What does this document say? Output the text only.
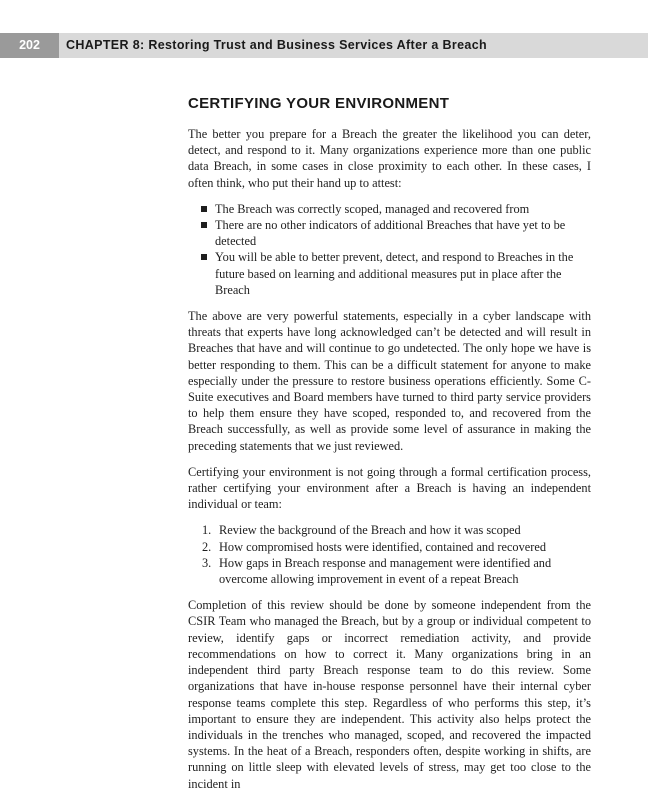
202	CHAPTER 8: Restoring Trust and Business Services After a Breach
CERTIFYING YOUR ENVIRONMENT

The better you prepare for a Breach the greater the likelihood you can deter, detect, and respond to it. Many organizations experience more than one public data Breach, in some cases in close proximity to each other. In these cases, I often think, who put their hand up to attest:

The Breach was correctly scoped, managed and recovered from
There are no other indicators of additional Breaches that have yet to be detected
You will be able to better prevent, detect, and respond to Breaches in the future based on learning and additional measures put in place after the Breach

The above are very powerful statements, especially in a cyber landscape with threats that experts have long acknowledged can’t be detected and will result in Breaches that have and will continue to go undetected. The only hope we have is better responding to them. This can be a difficult statement for anyone to make especially under the pressure to restore business operations efficiently. Some C-Suite executives and Board members have turned to third party service providers to help them ensure they have scoped, responded to, and recovered from the Breach successfully, as well as provide some level of assurance in making the preceding statements that we just reviewed.

Certifying your environment is not going through a formal certification process, rather certifying your environment after a Breach is having an independent individual or team:

1. Review the background of the Breach and how it was scoped
2. How compromised hosts were identified, contained and recovered
3. How gaps in Breach response and management were identified and overcome allowing improvement in event of a repeat Breach

Completion of this review should be done by someone independent from the CSIR Team who managed the Breach, but by a group or individual competent to review, identify gaps or incorrect remediation activity, and provide recommendations on how to correct it. Many organizations bring in an independent third party Breach response team to do this review. Some organizations that have in-house response personnel have their internal cyber response teams complete this step. Regardless of who performs this step, it’s important to ensure they are independent. This activity also helps protect the individuals in the trenches who managed, scoped, and recovered the impacted systems. In the heat of a Breach, responders often, despite working in shifts, are running on little sleep with elevated levels of stress, may get too close to the incident in
